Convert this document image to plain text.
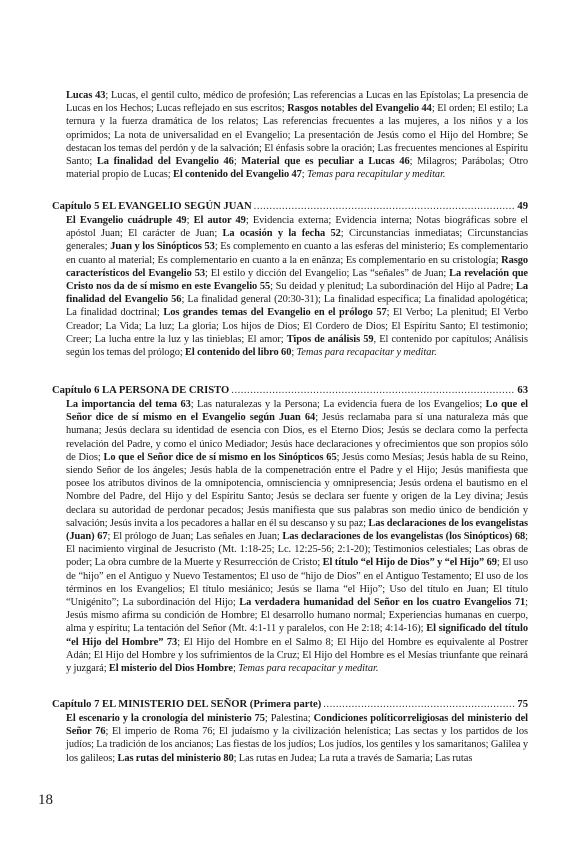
Lucas 43; Lucas, el gentil culto, médico de profesión; Las referencias a Lucas en las Epístolas; La presencia de Lucas en los Hechos; Lucas reflejado en sus escritos; Rasgos notables del Evangelio 44; El orden; El estilo; La ternura y la fuerza dramática de los relatos; Las referencias frecuentes a las mujeres, a los niños y a los oprimidos; La nota de universalidad en el Evangelio; La presentación de Jesús como el Hijo del Hombre; Se destacan los temas del perdón y de la salvación; El énfasis sobre la oración; Las frecuentes menciones al Espíritu Santo; La finalidad del Evangelio 46; Material que es peculiar a Lucas 46; Milagros; Parábolas; Otro material propio de Lucas; El contenido del Evangelio 47; Temas para recapitular y meditar.
Capítulo 5 EL EVANGELIO SEGÚN JUAN .....	49
El Evangelio cuádruple 49; El autor 49; Evidencia externa; Evidencia interna; Notas biográficas sobre el apóstol Juan; El carácter de Juan; La ocasión y la fecha 52; Circunstancias inmediatas; Circunstancias generales; Juan y los Sinópticos 53; Es complemento en cuanto a las esferas del ministerio; Es complementario en cuanto al material; Es complementario en cuanto a la en enãnza; Es complementario en su cristología; Rasgo característicos del Evangelio 53; El estilo y dicción del Evangelio; Las “señales” de Juan; La revelación que Cristo nos da de sí mismo en este Evangelio 55; Su deidad y plenitud; La subordinación del Hijo al Padre; La finalidad del Evangelio 56; La finalidad general (20:30-31); La finalidad específica; La finalidad apologética; La finalidad doctrinal; Los grandes temas del Evangelio en el prólogo 57; El Verbo; La plenitud; El Verbo Creador; La Vida; La luz; La gloria; Los hijos de Dios; El Cordero de Dios; El Espíritu Santo; El testimonio; Creer; La lucha entre la luz y las tinieblas; El amor; Tipos de análisis 59, El contenido por capítulos; Análisis según los temas del prólogo; El contenido del libro 60; Temas para recapacitar y meditar.
Capítulo 6 LA PERSONA DE CRISTO .....	63
La importancia del tema 63; Las naturalezas y la Persona; La evidencia fuera de los Evangelios; Lo que el Señor dice de sí mismo en el Evangelio según Juan 64; Jesús reclamaba para sí una naturaleza más que humana; Jesús declara su identidad de esencia con Dios, es el Eterno Dios; Jesús se declara como la perfecta revelación del Padre, y como el único Mediador; Jesús hace declaraciones y ofrecimientos que son propios sólo de Dios; Lo que el Señor dice de sí mismo en los Sinópticos 65; Jesús como Mesías; Jesús habla de su Reino, siendo Señor de los ángeles; Jesús habla de la compenetración entre el Padre y el Hijo; Jesús manifiesta que posee los atributos divinos de la omnipotencia, omnisciencia y omnipresencia; Jesús ordena el bautismo en el Nombre del Padre, del Hijo y del Espíritu Santo; Jesús se declara ser fuente y origen de la Ley divina; Jesús declara su autoridad de perdonar pecados; Jesús manifiesta que sus palabras son medio único de bendición y salvación; Jesús invita a los pecadores a hallar en él su descanso y su paz; Las declaraciones de los evangelistas (Juan) 67; El prólogo de Juan; Las señales en Juan; Las declaraciones de los evangelistas (los Sinópticos) 68; El nacimiento virginal de Jesucristo (Mt. 1:18-25; Lc. 12:25-56; 2:1-20); Testimonios celestiales; Las obras de poder; La obra cumbre de la Muerte y Resurrección de Cristo; El título “el Hijo de Dios” y “el Hijo” 69; El uso de “hijo” en el Antiguo y Nuevo Testamentos; El uso de “hijo de Dios” en el Antiguo Testamento; El uso de los términos en los Evangelios; El título mesiánico; Jesús se llama “el Hijo”; Uso del título en Juan; El título “Unigénito”; La subordinación del Hijo; La verdadera humanidad del Señor en los cuatro Evangelios 71; Jesús mismo afirma su condición de Hombre; El desarrollo humano normal; Experiencias humanas en cuerpo, alma y espíritu; La tentación del Señor (Mt. 4:1-11 y paralelos, con He 2:18; 4:14-16); El significado del título “el Hijo del Hombre” 73; El Hijo del Hombre en el Salmo 8; El Hijo del Hombre es equivalente al Postrer Adán; El Hijo del Hombre y los sufrimientos de la Cruz; El Hijo del Hombre es el Mesías triunfante que reinará y juzgará; El misterio del Dios Hombre; Temas para recapacitar y meditar.
Capítulo 7 EL MINISTERIO DEL SEÑOR (Primera parte) .....	75
El escenario y la cronología del ministerio 75; Palestina; Condiciones políticorreligiosas del ministerio del Señor 76; El imperio de Roma 76; El judaísmo y la civilización helenística; Las sectas y los partidos de los judíos; La tradición de los ancianos; Las fiestas de los judíos; Los judíos, los gentiles y los samaritanos; Galilea y los galileos; Las rutas del ministerio 80; Las rutas en Judea; La ruta a través de Samaria; Las rutas
18
